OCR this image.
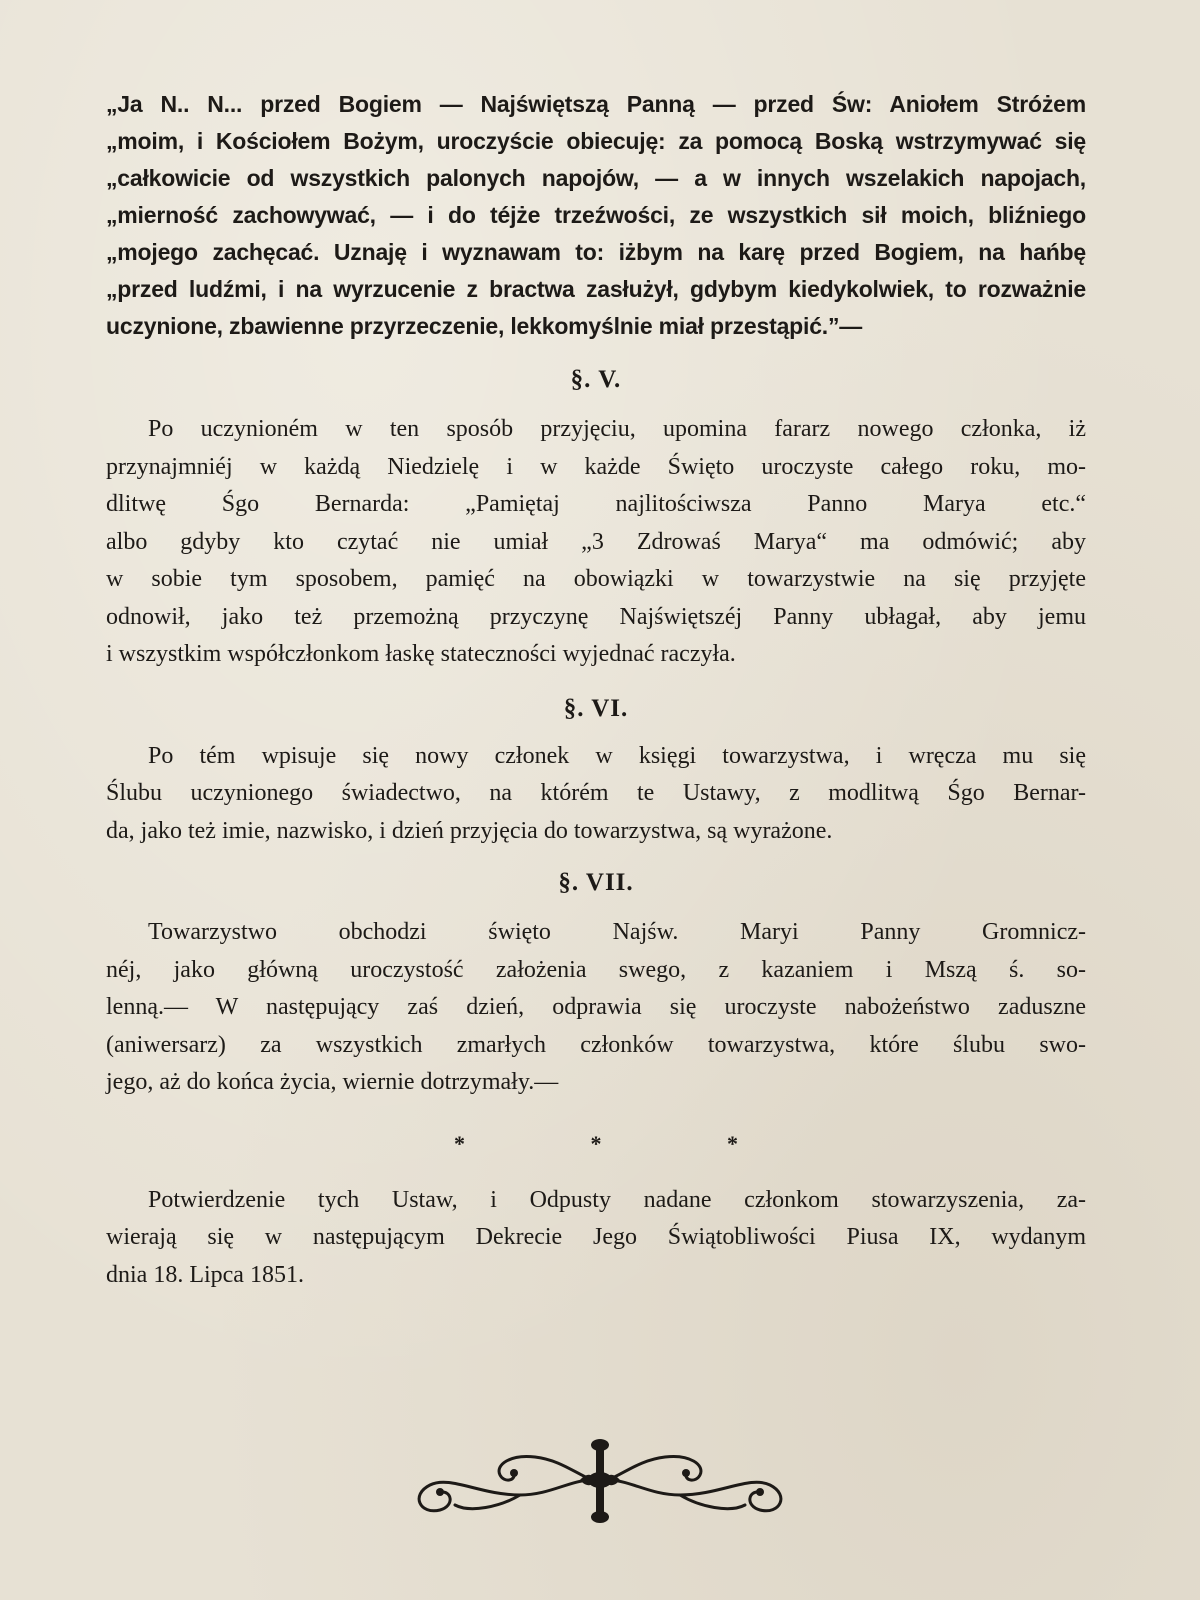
„Ja N.. N... przed Bogiem — Najświętszą Panną — przed Św: Aniołem Stróżem
„moim, i Kościołem Bożym, uroczyście obiecuję: za pomocą Boską wstrzymywać się
„całkowicie od wszystkich palonych napojów, — a w innych wszelakich napojach,
„mierność zachowywać, — i do téjże trzeźwości, ze wszystkich sił moich, bliźniego
„mojego zachęcać. Uznaję i wyznawam to: iżbym na karę przed Bogiem, na hańbę
„przed ludźmi, i na wyrzucenie z bractwa zasłużył, gdybym kiedykolwiek, to rozważnie
uczynione, zbawienne przyrzeczenie, lekkomyślnie miał przestąpić.”—
§. V.
Po uczynioném w ten sposób przyjęciu, upomina fararz nowego członka, iż
przynajmniéj w każdą Niedzielę i w każde Święto uroczyste całego roku, mo-
dlitwę Śgo Bernarda: „Pamiętaj najlitościwsza Panno Marya etc.“
albo gdyby kto czytać nie umiał „3 Zdrowaś Marya“ ma odmówić; aby
w sobie tym sposobem, pamięć na obowiązki w towarzystwie na się przyjęte
odnowił, jako też przemożną przyczynę Najświętszéj Panny ubłagał, aby jemu
i wszystkim współczłonkom łaskę stateczności wyjednać raczyła.
§. VI.
Po tém wpisuje się nowy członek w księgi towarzystwa, i wręcza mu się
Ślubu uczynionego świadectwo, na którém te Ustawy, z modlitwą Śgo Bernar-
da, jako też imie, nazwisko, i dzień przyjęcia do towarzystwa, są wyrażone.
§. VII.
Towarzystwo obchodzi święto Najśw. Maryi Panny Gromnicz-
néj, jako główną uroczystość założenia swego, z kazaniem i Mszą ś. so-
lenną.— W następujący zaś dzień, odprawia się uroczyste nabożeństwo zaduszne
(aniwersarz) za wszystkich zmarłych członków towarzystwa, które ślubu swo-
jego, aż do końca życia, wiernie dotrzymały.—
* * *
Potwierdzenie tych Ustaw, i Odpusty nadane członkom stowarzyszenia, za-
wierają się w następującym Dekrecie Jego Świątobliwości Piusa IX, wydanym
dnia 18. Lipca 1851.
